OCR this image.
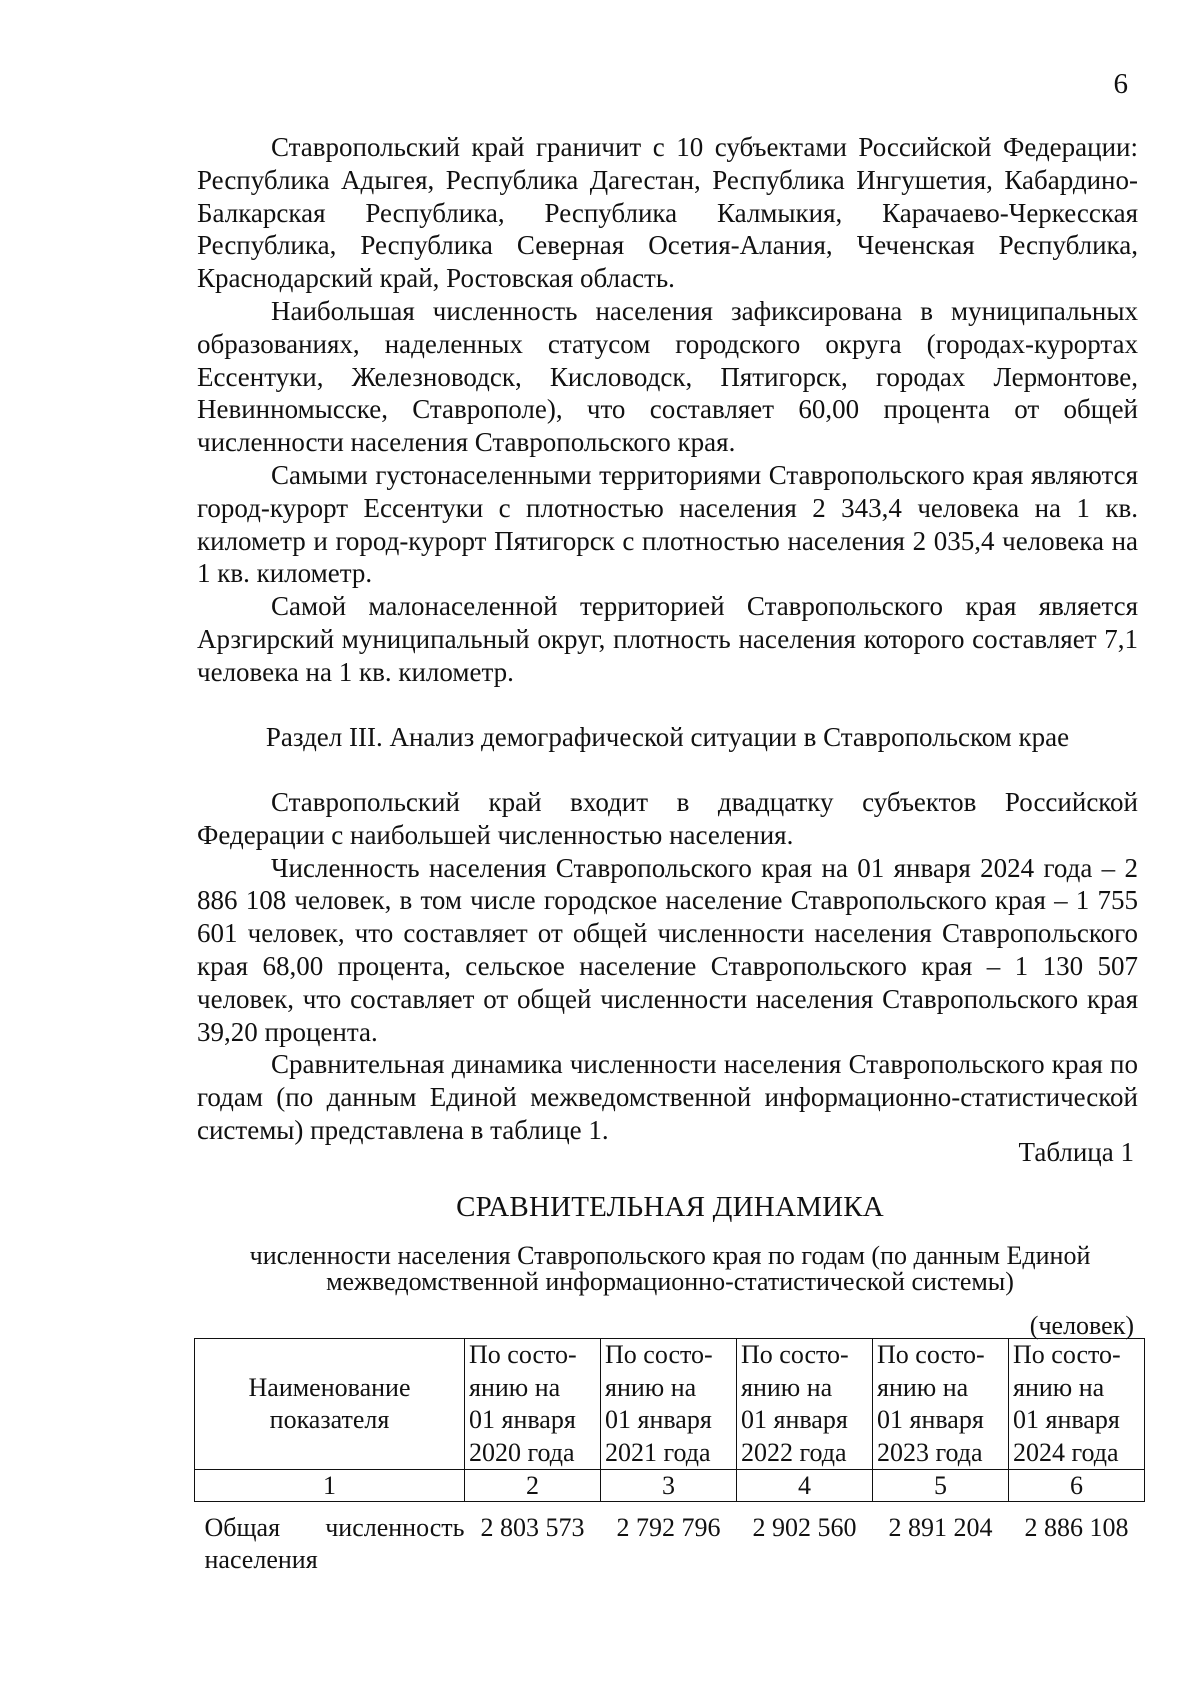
6

Ставропольский край граничит с 10 субъектами Российской Федерации: Республика Адыгея, Республика Дагестан, Республика Ингушетия, Кабардино-Балкарская Республика, Республика Калмыкия, Карачаево-Черкесская Республика, Республика Северная Осетия-Алания, Чеченская Республика, Краснодарский край, Ростовская область.

Наибольшая численность населения зафиксирована в муниципальных образованиях, наделенных статусом городского округа (городах-курортах Ессентуки, Железноводск, Кисловодск, Пятигорск, городах Лермонтове, Невинномысске, Ставрополе), что составляет 60,00 процента от общей численности населения Ставропольского края.

Самыми густонаселенными территориями Ставропольского края являются город-курорт Ессентуки с плотностью населения 2 343,4 человека на 1 кв. километр и город-курорт Пятигорск с плотностью населения 2 035,4 человека на 1 кв. километр.

Самой малонаселенной территорией Ставропольского края является Арзгирский муниципальный округ, плотность населения которого составляет 7,1 человека на 1 кв. километр.

Раздел III. Анализ демографической ситуации в Ставропольском крае

Ставропольский край входит в двадцатку субъектов Российской Федерации с наибольшей численностью населения.

Численность населения Ставропольского края на 01 января 2024 года – 2 886 108 человек, в том числе городское население Ставропольского края – 1 755 601 человек, что составляет от общей численности населения Ставропольского края 68,00 процента, сельское население Ставропольского края – 1 130 507 человек, что составляет от общей численности населения Ставропольского края 39,20 процента.

Сравнительная динамика численности населения Ставропольского края по годам (по данным Единой межведомственной информационно-статистической системы) представлена в таблице 1.

Таблица 1
СРАВНИТЕЛЬНАЯ ДИНАМИКА
численности населения Ставропольского края по годам (по данным Единой
межведомственной информационно-статистической системы)
(человек)
Наименование
показателя	По состо-
янию на
01 января
2020 года	По состо-
янию на
01 января
2021 года	По состо-
янию на
01 января
2022 года	По состо-
янию на
01 января
2023 года	По состо-
янию на
01 января
2024 года

1	2	3	4	5	6
Общая численность населения	2 803 573	2 792 796	2 902 560	2 891 204	2 886 108
